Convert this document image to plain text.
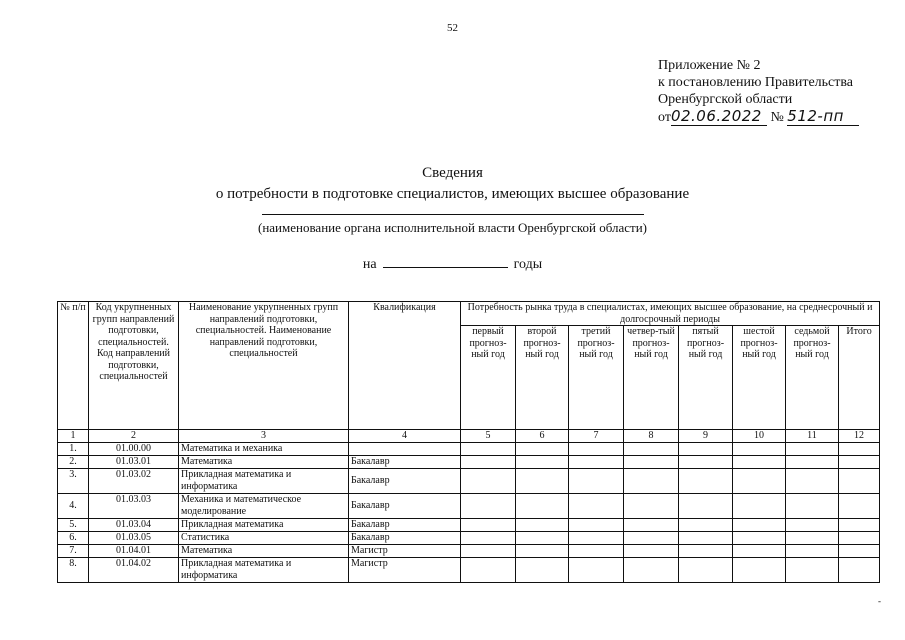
52
Приложение № 2
к постановлению Правительства
Оренбургской области
от02.06.2022 № 512-пп
Сведения
о потребности в подготовке специалистов, имеющих высшее образование
(наименование органа исполнительной власти Оренбургской области)
на	годы
№ п/п	Код укрупненных групп направлений подготовки, специальностей. Код направлений подготовки, специальностей	Наименование укрупненных групп направлений подготовки, специальностей. Наименование направлений подготовки, специальностей	Квалификация	Потребность рынка труда в специалистах, имеющих высшее образование, на среднесрочный и долгосрочный периоды							
				первый прогноз-ный год	второй прогноз-ный год	третий прогноз-ный год	четвер-тый прогноз-ный год	пятый прогноз-ный год	шестой прогноз-ный год	седьмой прогноз-ный год	Итого
1	2	3	4	5	6	7	8	9	10	11	12
1.	01.00.00	Математика и механика									
2.	01.03.01	Математика	Бакалавр								
3.	01.03.02	Прикладная математика и информатика	Бакалавр								
4.	01.03.03	Механика и математическое моделирование	Бакалавр								
5.	01.03.04	Прикладная математика	Бакалавр								
6.	01.03.05	Статистика	Бакалавр								
7.	01.04.01	Математика	Магистр								
8.	01.04.02	Прикладная математика и информатика	Магистр								
-
